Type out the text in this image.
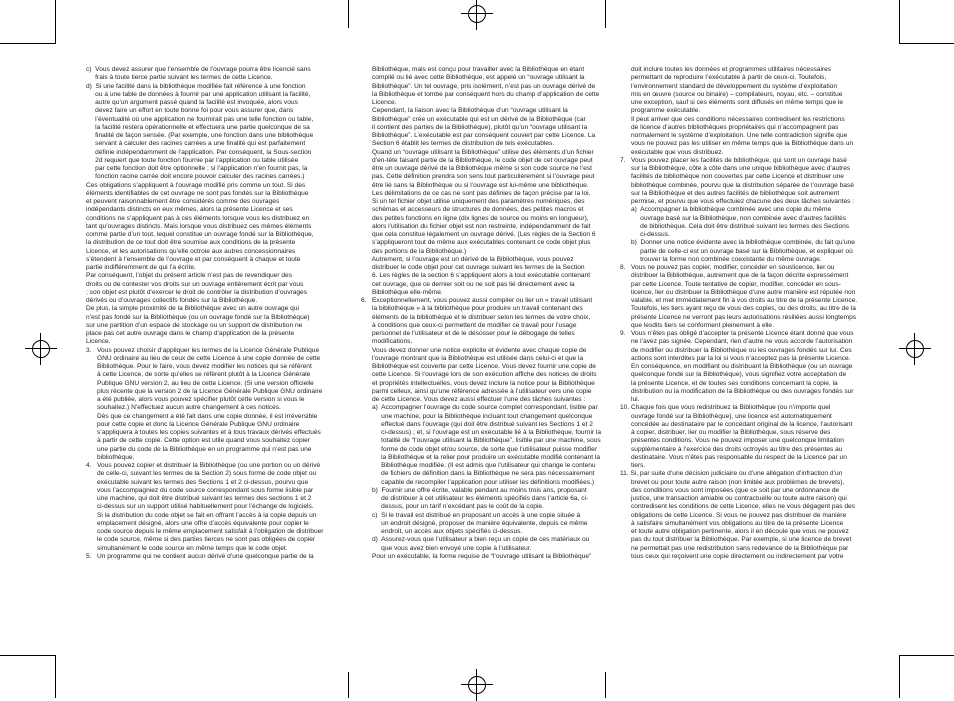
c)  Vous devez assurer que l’ensemble de l’ouvrage pourra être licencié sans
frais à toute tierce partie suivant les termes de cette Licence.
d)  Si une facilité dans la bibliothèque modifiée fait référence à une fonction
ou à une table de données à fournir par une application utilisant la facilité,
autre qu’un argument passé quand la facilité est invoquée, alors vous
devez faire un effort en toute bonne foi pour vous assurer que, dans
l’éventualité où une application ne fournirait pas une telle fonction ou table,
la facilité restera opérationnelle et effectuera une partie quelconque de sa
finalité de façon sensée. (Par exemple, une fonction dans une bibliothèque
servant à calculer des racines carrées a une finalité qui est parfaitement
définie indépendamment de l’application. Par conséquent, la Sous-section
2d requiert que toute fonction fournie par l’application ou table utilisée
par cette fonction doit être optionnelle : si l’application n’en fournit pas, la
fonction racine carrée doit encore pouvoir calculer des racines carrées.)
Ces obligations s’appliquent à l’ouvrage modifié pris comme un tout. Si des
éléments identifiables de cet ouvrage ne sont pas fondés sur la Bibliothèque
et peuvent raisonnablement être considérés comme des ouvrages
indépendants distincts en eux mêmes, alors la présente Licence et ses
conditions ne s’appliquent pas à ces éléments lorsque vous les distribuez en
tant qu’ouvrages distincts. Mais lorsque vous distribuez ces mêmes éléments
comme partie d’un tout, lequel constitue un ouvrage fondé sur la Bibliothèque,
la distribution de ce tout doit être soumise aux conditions de la présente
Licence, et les autorisations qu’elle octroie aux autres concessionnaires
s’étendent à l’ensemble de l’ouvrage et par conséquent à chaque et toute
partie indifféremment de qui l’a écrite.
Par conséquent, l’objet du présent article n’est pas de revendiquer des
droits ou de contester vos droits sur un ouvrage entièrement écrit par vous
; son objet est plutôt d’exercer le droit de contrôler la distribution d’ouvrages
dérivés ou d’ouvrages collectifs fondés sur la Bibliothèque.
De plus, la simple proximité de la Bibliothèque avec un autre ouvrage qui
n’est pas fondé sur la Bibliothèque (ou un ouvrage fondé sur la Bibliothèque)
sur une partition d’un espace de stockage ou un support de distribution ne
place pas cet autre ouvrage dans le champ d’application de la présente
Licence.
3.   Vous pouvez choisir d’appliquer les termes de la Licence Générale Publique
GNU ordinaire au lieu de ceux de cette Licence à une copie donnée de cette
Bibliothèque. Pour le faire, vous devez modifier les notices qui se réfèrent
à cette Licence, de sorte qu’elles se réfèrent plutôt à la Licence Générale
Publique GNU version 2, au lieu de cette Licence. (Si une version officielle
plus récente que la version 2 de la Licence Générale Publique GNU ordinaire
a été publiée, alors vous pouvez spécifier plutôt cette version si vous le
souhaitez.) N’effectuez aucun autre changement à ces notices.
Dès que ce changement a été fait dans une copie donnée, il est irréversible
pour cette copie et donc la Licence Générale Publique GNU ordinaire
s’appliquera à toutes les copies suivantes et à tous travaux dérivés effectués
à partir de cette copie. Cette option est utile quand vous souhaitez copier
une partie du code de la Bibliothèque en un programme qui n’est pas une
bibliothèque.
4.   Vous pouvez copier et distribuer la Bibliothèque (ou une portion ou un dérivé
de celle-ci, suivant les termes de la Section 2) sous forme de code objet ou
exécutable suivant les termes des Sections 1 et 2 ci-dessus, pourvu que
vous l’accompagniez du code source correspondant sous forme lisible par
une machine, qui doit être distribué suivant les termes des sections 1 et 2
ci-dessus sur un support utilisé habituellement pour l’échange de logiciels.
Si la distribution du code objet se fait en offrant l’accès à la copie depuis un
emplacement désigné, alors une offre d’accès équivalente pour copier le
code source depuis le même emplacement satisfait à l’obligation de distribuer
le code source, même si des parties tierces ne sont pas obligées de copier
simultanément le code source en même temps que le code objet.
5.   Un programme qui ne contient aucun dérivé d’une quelconque partie de la
Bibliothèque, mais est conçu pour travailler avec la Bibliothèque en étant
compilé ou lié avec cette Bibliothèque, est appelé un “ouvrage utilisant la
Bibliothèque”. Un tel ouvrage, pris isolément, n’est pas un ouvrage dérivé de
la Bibliothèque et tombe par conséquent hors du champ d’application de cette
Licence.
Cependant, la liaison avec la Bibliothèque d’un “ouvrage utilisant la
Bibliothèque” crée un exécutable qui est un dérivé de la Bibliothèque (car
il contient des parties de la Bibliothèque), plutôt qu’un “ouvrage utilisant la
Bibliothèque”. L’exécutable est par conséquent couvert par cette Licence. La
Section 6 établit les termes de distribution de tels exécutables.
Quand un “ouvrage utilisant la Bibliothèque” utilise des éléments d’un fichier
d’en-tête faisant partie de la Bibliothèque, le code objet de cet ouvrage peut
être un ouvrage dérivé de la Bibliothèque même si son code source ne l’est
pas. Cette définition prendra son sens tout particulièrement si l’ouvrage peut
être lié sans la Bibliothèque ou si l’ouvrage est lui-même une bibliothèque.
Les délimitations de ce cas ne sont pas définies de façon précise par la loi.
Si un tel fichier objet utilise uniquement des paramètres numériques, des
schémas et accesseurs de structures de données, des petites macros et
des petites fonctions en ligne (dix lignes de source ou moins en longueur),
alors l’utilisation du fichier objet est non restreinte, indépendamment de fait
que cela constitue légalement un ouvrage dérivé. (Les règles de la Section 6
s’appliqueront tout de même aux exécutables contenant ce code objet plus
des portions de la Bibliothèque.)
Autrement, si l’ouvrage est un dérivé de la Bibliothèque, vous pouvez
distribuer le code objet pour cet ouvrage suivant les termes de la Section
6. Les règles de la section 6 s’appliquent alors à tout exécutable contenant
cet ouvrage, que ce dernier soit ou ne soit pas lié directement avec la
Bibliothèque elle-même.
6.   Exceptionnellement, vous pouvez aussi compiler ou lier un « travail utilisant
la bibliothèque » à la bibliothèque pour produire un travail contenant des
éléments de la bibliothèque et le distribuer selon les termes de votre choix,
à conditions que ceux-ci permettent de modifier ce travail pour l’usage
personnel de l’utilisateur et de le désosser pour le débogage de telles
modifications.
Vous devez donner une notice explicite et évidente avec chaque copie de
l’ouvrage montrant que la Bibliothèque est utilisée dans celui-ci et que la
Bibliothèque est couverte par cette Licence. Vous devez fournir une copie de
cette Licence. Si l’ouvrage lors de son exécution affiche des notices de droits
et propriétés intellectuelles, vous devez inclure la notice pour la Bibliothèque
parmi celleux, ainsi qu’une référence adressée à l’utilisateur vers une copie
de cette Licence. Vous devez aussi effectuer l’une des tâches suivantes :
a)  Accompagner l’ouvrage du code source complet correspondant, lisible par
une machine, pour la Bibliothèque incluant tout changement quelconque
effectué dans l’ouvrage (qui doit être distribué suivant les Sections 1 et 2
ci-dessus) ; et, si l’ouvrage est un exécutable lié à la Bibliothèque, fournir la
totalité de “l’ouvrage utilisant la Bibliothèque”, lisible par une machine, sous
forme de code objet et/ou source, de sorte que l’utilisateur puisse modifier
la Bibliothèque et la relier pour produire un exécutable modifié contenant la
Bibliothèque modifiée. (Il est admis que l’utilisateur qui change le contenu
de fichiers de définition dans la Bibliothèque ne sera pas nécessairement
capable de recompiler l’application pour utiliser les définitions modifiées.)
b)  Fournir une offre écrite, valable pendant au moins trois ans, proposant
de distribuer à cet utilisateur les éléments spécifiés dans l’article 6a, ci-
dessus, pour un tarif n’excédant pas le coût de la copie.
c)  Si le travail est distribué en proposant un accès à une copie située à
un endroit désigné, proposer de manière équivalente, depuis ce même
endroit, un accès aux objets spécifiés ci-dessus.
d)  Assurez-vous que l’utilisateur a bien reçu un copie de ces matériaux ou
que vous avez bien envoyé une copie à l’utilisateur.
Pour un exécutable, la forme requise de “l’ouvrage utilisant la Bibliothèque”
doit inclure toutes les données et programmes utilitaires nécessaires
permettant de reproduire l’exécutable à partir de ceux-ci. Toutefois,
l’environnement standard de développement du système d’exploitation
mis en œuvre (source ou binaire) – compilateurs, noyau, etc. – constitue
une exception, sauf si ces éléments sont diffusés en même temps que le
programme exécutable.
Il peut arriver que ces conditions nécessaires contredisent les restrictions
de licence d’autres bibliothèques propriétaires qui n’accompagnent pas
normalement le système d’exploitation. Une telle contradiction signifie que
vous ne pouvez pas les utiliser en même temps que la Bibliothèque dans un
exécutable que vous distribuez.
7.   Vous pouvez placer les facilités de bibliothèque, qui sont un ouvrage basé
sur la Bibliothèque, côte à côte dans une unique bibliothèque avec d’autres
facilités de bibliothèque non couvertes par cette Licence et distribuer une
bibliothèque combinée, pourvu que la distribution séparée de l’ouvrage basé
sur la Bibliothèque et des autres facilités de bibliothèque soit autrement
permise, et pourvu que vous effectuiez chacune des deux tâches suivantes :
a)  Accompagner la bibliothèque combinée avec une copie du même
ouvrage basé sur la Bibliothèque, non combinée avec d’autres facilités
de bibliothèque. Cela doit être distribué suivant les termes des Sections
ci-dessus.
b)  Donner une notice évidente avec la bibliothèque combinée, du fait qu’une
partie de celle-ci est un ouvrage basé sur la Bibliothèque, et expliquer où
trouver la forme non combinée coexistante du même ouvrage.
8.   Vous ne pouvez pas copier, modifier, concéder en souslicence, lier ou
distribuer la Bibliothèque, autrement que de la façon décrite expressément
par cette Licence. Toute tentative de copier, modifier, concéder en sous-
licence, lier ou distribuer la Bibliothèque d’une autre manière est réputée non
valable, et met immédiatement fin à vos droits au titre de la présente Licence.
Toutefois, les tiers ayant reçu de vous des copies, ou des droits, au titre de la
présente Licence ne verront pas leurs autorisations résiliées aussi longtemps
que lesdits tiers se conforment pleinement à elle.
9.   Vous n’êtes pas obligé d’accepter la présente Licence étant donné que vous
ne l’avez pas signée. Cependant, rien d’autre ne vous accorde l’autorisation
de modifier ou distribuer la Bibliothèque ou les ouvrages fondés sur lui. Ces
actions sont interdites par la loi si vous n’acceptez pas la présente Licence.
En conséquence, en modifiant ou distribuant la Bibliothèque (ou un ouvrage
quelconque fondé sur la Bibliothèque), vous signifiez votre acceptation de
la présente Licence, et de toutes ses conditions concernant la copie, la
distribution ou la modification de la Bibliothèque ou des ouvrages fondés sur
lui.
10. Chaque fois que vous redistribuez la Bibliothèque (ou n’importe quel
ouvrage fondé sur la Bibliothèque), une licence est automatiquement
concédée au destinataire par le concédant original de la licence, l’autorisant
à copier, distribuer, lier ou modifier la Bibliothèque, sous réserve des
présentes conditions. Vous ne pouvez imposer une quelconque limitation
supplémentaire à l’exercice des droits octroyés au titre des présentes au
destinataire. Vous n’êtes pas responsable du respect de la Licence par un
tiers.
11. Si, par suite d’une décision judiciaire ou d’une allégation d’infraction d’un
brevet ou pour toute autre raison (non limitée aux problèmes de brevets),
des conditions vous sont imposées (que ce soit par une ordonnance de
justice, une transaction amiable ou contractuelle ou toute autre raison) qui
contredisent les conditions de cette Licence, elles ne vous dégagent pas des
obligations de cette Licence. Si vous ne pouvez pas distribuer de manière
à satisfaire simultanément vos obligations au titre de la présente Licence
et toute autre obligation pertinente, alors il en découle que vous ne pouvez
pas du tout distribuer la Bibliothèque. Par exemple, si une licence de brevet
ne permettait pas une redistribution sans redevance de la Bibliothèque par
tous ceux qui reçoivent une copie directement ou indirectement par votre
